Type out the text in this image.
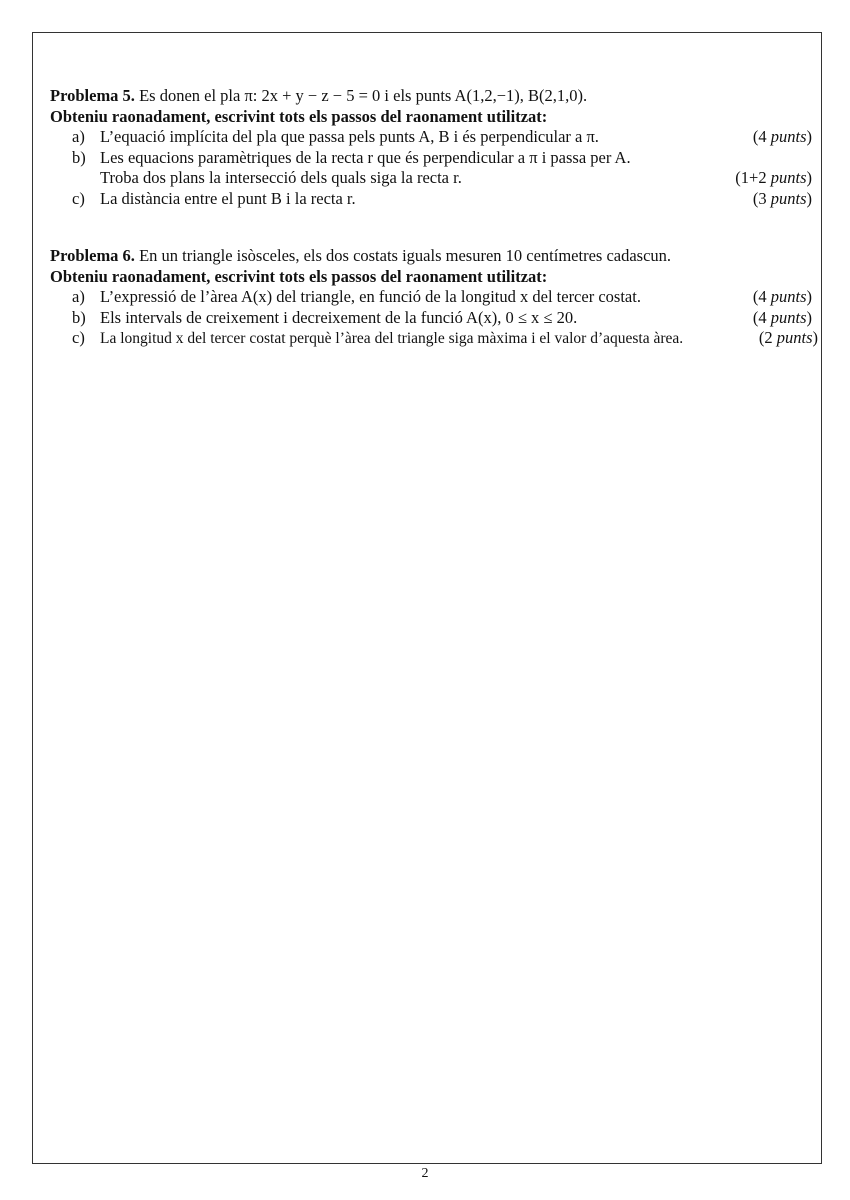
Problema 5. Es donen el pla π: 2x + y − z − 5 = 0 i els punts A(1,2,−1), B(2,1,0).
Obteniu raonadament, escrivint tots els passos del raonament utilitzat:
a) L’equació implícita del pla que passa pels punts A, B i és perpendicular a π.	(4 punts)
b) Les equacions paramètriques de la recta r que és perpendicular a π i passa per A.
Troba dos plans la intersecció dels quals siga la recta r.	(1+2 punts)
c) La distància entre el punt B i la recta r.	(3 punts)
Problema 6. En un triangle isòsceles, els dos costats iguals mesuren 10 centímetres cadascun.
Obteniu raonadament, escrivint tots els passos del raonament utilitzat:
a) L’expressió de l’àrea A(x) del triangle, en funció de la longitud x del tercer costat.	(4 punts)
b) Els intervals de creixement i decreixement de la funció A(x), 0 ≤ x ≤ 20.	(4 punts)
c) La longitud x del tercer costat perquè l’àrea del triangle siga màxima i el valor d’aquesta àrea.	(2 punts)
2
